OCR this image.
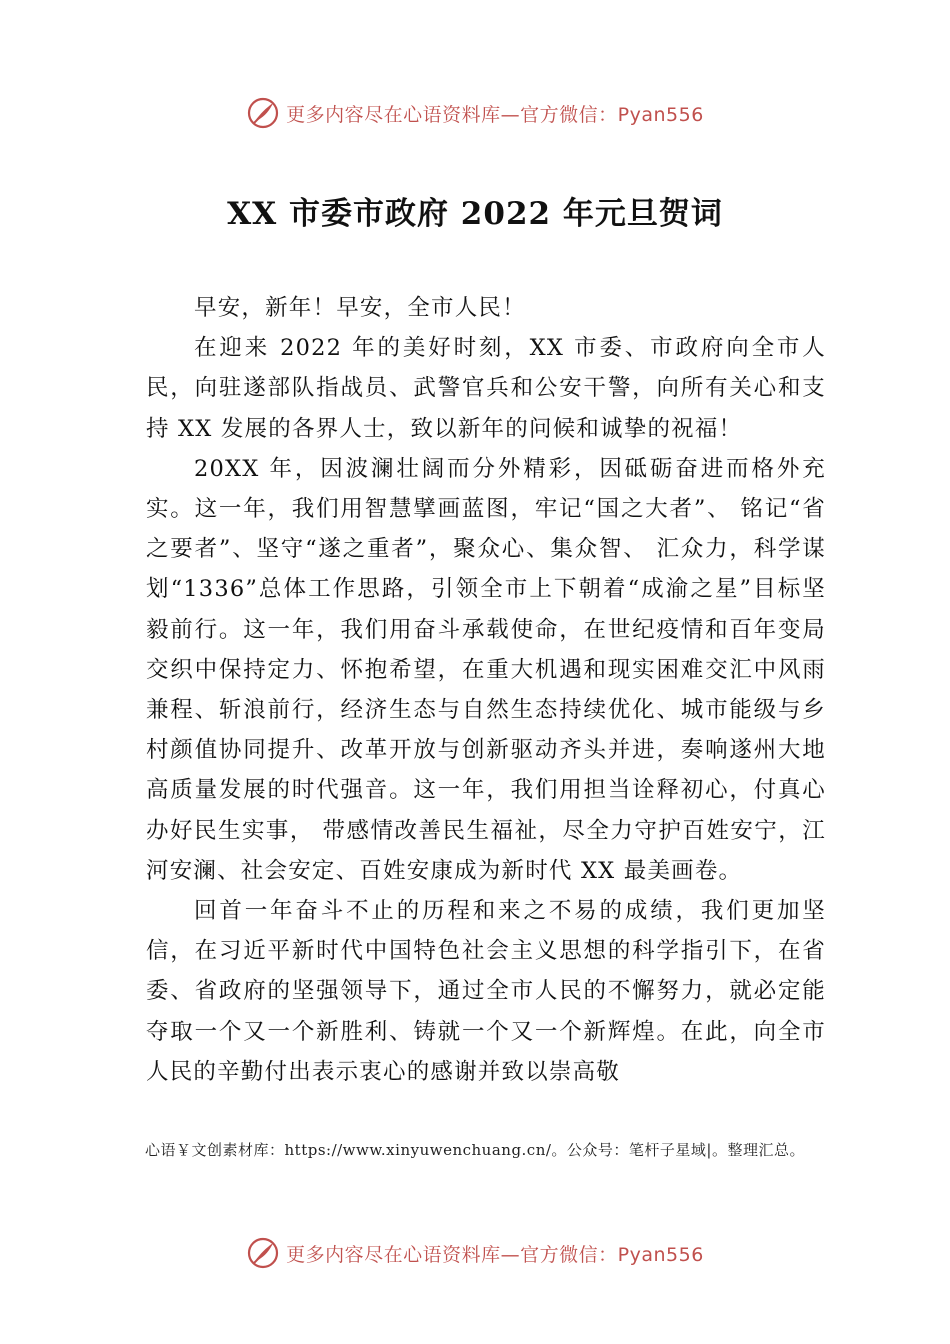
更多内容尽在心语资料库—官方微信：Pyan556
XX 市委市政府 2022 年元旦贺词

早安，新年！早安，全市人民！

在迎来 2022 年的美好时刻，XX 市委、市政府向全市人民，向驻遂部队指战员、武警官兵和公安干警，向所有关心和支持 XX 发展的各界人士，致以新年的问候和诚挚的祝福！

20XX 年，因波澜壮阔而分外精彩，因砥砺奋进而格外充实。这一年，我们用智慧擘画蓝图，牢记“国之大者”、 铭记“省之要者”、坚守“遂之重者”，聚众心、集众智、 汇众力，科学谋划“1336”总体工作思路，引领全市上下朝着“成渝之星”目标坚毅前行。这一年，我们用奋斗承载使命，在世纪疫情和百年变局交织中保持定力、怀抱希望，在重大机遇和现实困难交汇中风雨兼程、斩浪前行，经济生态与自然生态持续优化、城市能级与乡村颜值协同提升、改革开放与创新驱动齐头并进，奏响遂州大地高质量发展的时代强音。这一年，我们用担当诠释初心，付真心办好民生实事， 带感情改善民生福祉，尽全力守护百姓安宁，江河安澜、社会安定、百姓安康成为新时代 XX 最美画卷。

回首一年奋斗不止的历程和来之不易的成绩，我们更加坚信，在习近平新时代中国特色社会主义思想的科学指引下，在省委、省政府的坚强领导下，通过全市人民的不懈努力，就必定能夺取一个又一个新胜利、铸就一个又一个新辉煌。在此，向全市人民的辛勤付出表示衷心的感谢并致以崇高敬

心语￥文创素材库：https://www.xinyuwenchuang.cn/。公众号：笔杆子星域|。整理汇总。
更多内容尽在心语资料库—官方微信：Pyan556
